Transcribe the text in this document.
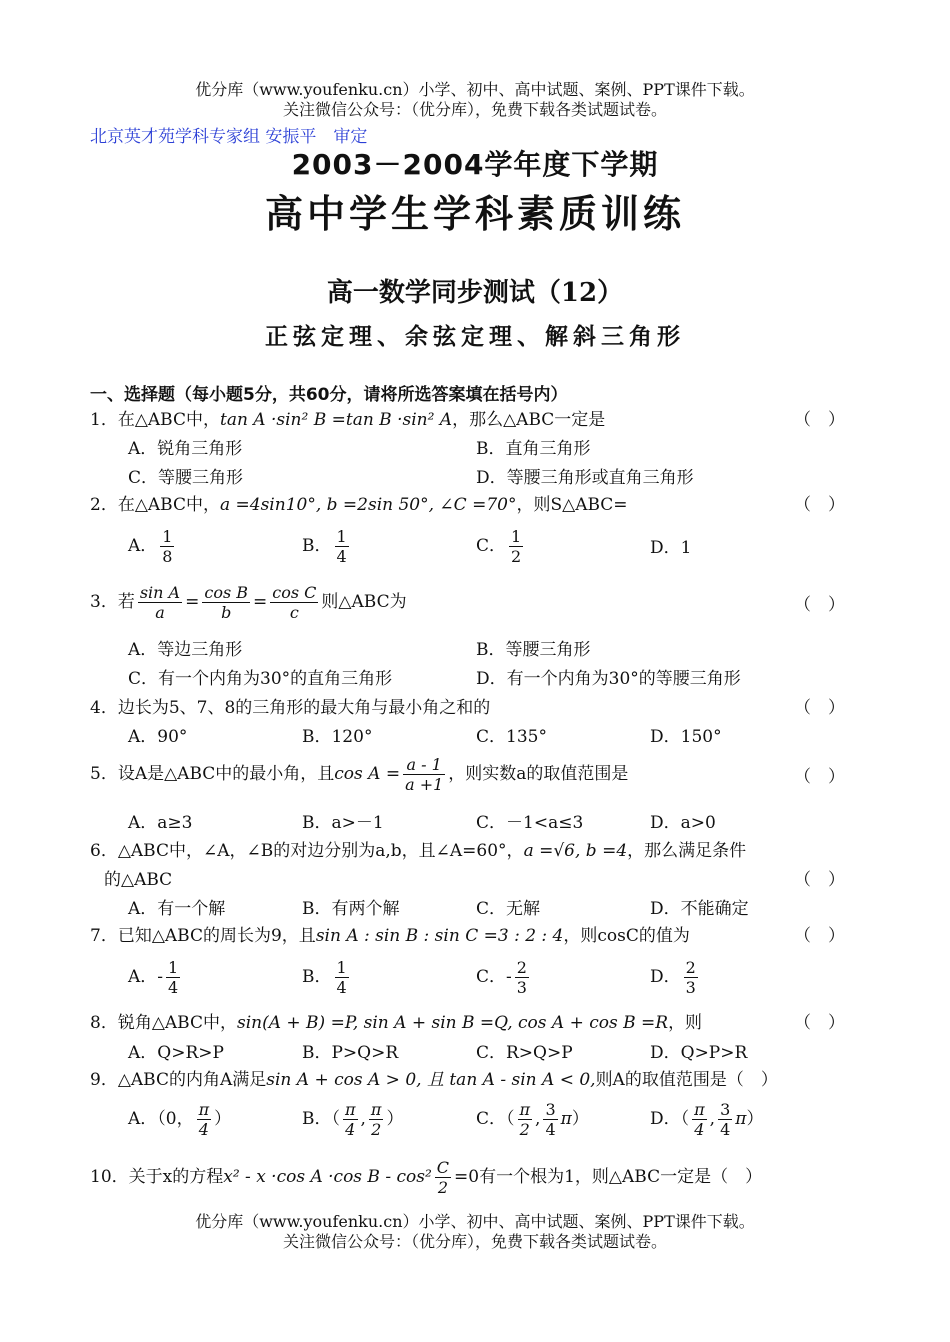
优分库（www.youfenku.cn）小学、初中、高中试题、案例、PPT课件下载。
关注微信公众号：（优分库），免费下载各类试题试卷。
北京英才苑学科专家组 安振平　审定
2003－2004学年度下学期
高中学生学科素质训练
高一数学同步测试（12）
正弦定理、余弦定理、解斜三角形
一、选择题（每小题5分，共60分，请将所选答案填在括号内）
1．在△ABC中，tan A ·sin² B =tan B ·sin² A，那么△ABC一定是	（　）
A．锐角三角形	B．直角三角形
C．等腰三角形	D．等腰三角形或直角三角形
2．在△ABC中，a =4sin10°, b =2sin 50°, ∠C =70°，则S△ABC=	（　）
A． $\frac{1}{8}$	B． $\frac{1}{4}$	C． $\frac{1}{2}$	D．1
3．若 $\frac{\text{sin A}}{a} = \frac{\text{cos B}}{b} = \frac{\text{cos C}}{c}$ 则△ABC为	（　）
A．等边三角形	B．等腰三角形
C．有一个内角为30°的直角三角形	D．有一个内角为30°的等腰三角形
4．边长为5、7、8的三角形的最大角与最小角之和的	（　）
A．90°	B．120°	C．135°	D．150°
5．设A是△ABC中的最小角，且$\cos A = \frac{a - 1}{a +1}$ ，则实数a的取值范围是	（　）
A．a≥3	B．a>－1	C．－1<a≤3	D．a>0
6．△ABC中，∠A，∠B的对边分别为a,b，且∠A=60°，a =√6, b =4，那么满足条件
的△ABC	（　）
A．有一个解	B．有两个解	C．无解	D．不能确定
7．已知△ABC的周长为9，且sin A : sin B : sin C =3 : 2 : 4，则cosC的值为	（　）
A．- $\frac{1}{4}$	B． $\frac{1}{4}$	C．- $\frac{2}{3}$	D． $\frac{2}{3}$
8．锐角△ABC中，sin(A + B) =P, sin A + sin B =Q, cos A + cos B =R，则	（　）
A．Q>R>P	B．P>Q>R	C．R>Q>P	D．Q>P>R
9．△ABC的内角A满足sin A + cos A > 0, 且 tan A - sin A < 0,则A的取值范围是（　）
A．（0， $\frac{\pi}{4}$ ）	B．（ $\frac{\pi}{4}$ , $\frac{\pi}{2}$ ）	C．（ $\frac{\pi}{2}$ , $\frac{3}{4} \pi$）	D．（ $\frac{\pi}{4}$ , $\frac{3}{4} \pi$）
10．关于x的方程x² - x ·cos A ·cos $B - \cos^2 \frac{C}{2} =0$有一个根为1，则△ABC一定是（　）
优分库（www.youfenku.cn）小学、初中、高中试题、案例、PPT课件下载。
关注微信公众号：（优分库），免费下载各类试题试卷。
